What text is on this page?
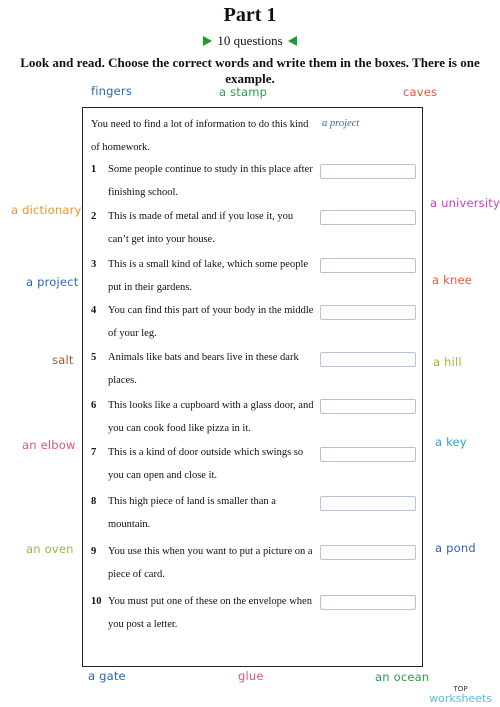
Part 1
10 questions
Look and read. Choose the correct words and write them in the boxes. There is one example.
fingers	a stamp	caves
a dictionary	a university
a project	a knee
salt	a hill
an elbow	a key
an oven	a pond
a gate	glue	an ocean
You need to find a lot of information to do this kind
of homework.
a project
1 Some people continue to study in this place after finishing school.
2 This is made of metal and if you lose it, you can’t get into your house.
3 This is a small kind of lake, which some people put in their gardens.
4 You can find this part of your body in the middle of your leg.
5 Animals like bats and bears live in these dark places.
6 This looks like a cupboard with a glass door, and you can cook food like pizza in it.
7 This is a kind of door outside which swings so you can open and close it.
8 This high piece of land is smaller than a mountain.
9 You use this when you want to put a picture on a piece of card.
10 You must put one of these on the envelope when you post a letter.
TOP
worksheets
